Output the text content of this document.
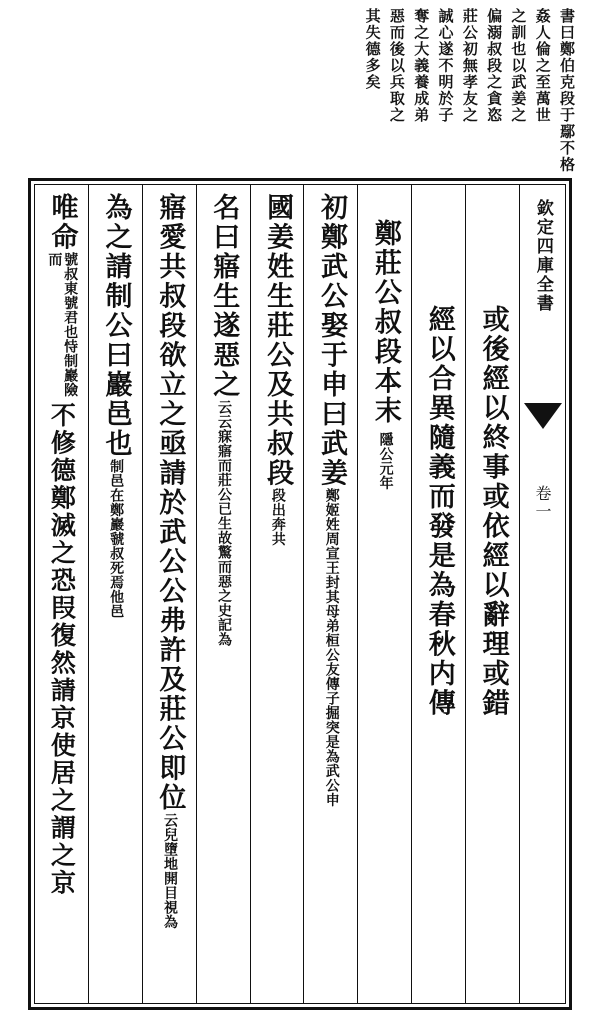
書曰鄭伯克段于鄢不格
姦人倫之至萬世
之訓也以武姜之
偏溺叔段之貪恣
莊公初無孝友之
誠心遂不明於子
奪之大義養成弟
惡而後以兵取之
其失德多矣
欽定四庫全書
卷一
或後經以終事或依經以辭理或錯
經以合異隨義而發是為春秋内傳
鄭莊公叔段本末
隱公元年
初鄭武公娶于申曰武姜
鄭姬姓周宣王封其母弟桓公友傳子掘突是為武公申
國姜姓生莊公及共叔段
段出奔共
名曰寤生遂惡之
云云寐寤而莊公已生故驚而惡之史記為
寤愛共叔段欲立之亟請於武公公弗許及莊公即位
云兒墮地開目視為
為之請制公曰巖邑也
制邑在鄭巖虢叔死焉他邑
唯命
號叔東號君也恃制巖險而
不修德鄭滅之恐叚復然
請京使居之謂之京
